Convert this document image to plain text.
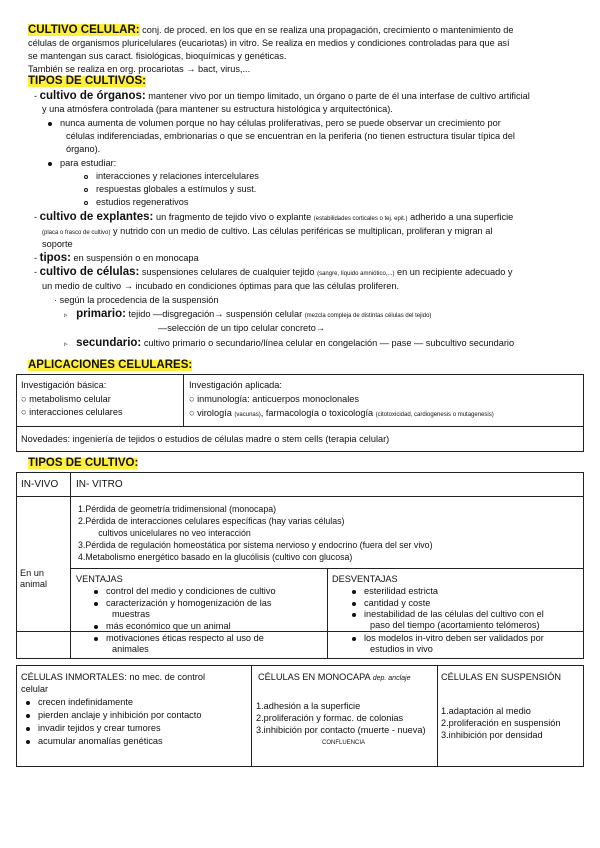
CULTIVO CELULAR: conj. de proced. en los que en se realiza una propagación, crecimiento o mantenimiento de
células de organismos pluricelulares (eucariotas) in vitro. Se realiza en medios y condiciones controladas para que así
se mantengan sus caract. fisiológicas, bioquímicas y genéticas.
También se realiza en org. procariotas → bact, virus,...
TIPOS DE CULTIVOS:
- cultivo de órganos: mantener vivo por un tiempo limitado, un órgano o parte de él una interfase de cultivo artificial
y una atmósfera controlada (para mantener su estructura histológica y arquitectónica).
nunca aumenta de volumen porque no hay células proliferativas, pero se puede observar un crecimiento por
células indiferenciadas, embrionarias o que se encuentran en la periferia (no tienen estructura tisular típica del
órgano).
para estudiar:
interacciones y relaciones intercelulares
respuestas globales a estímulos y sust.
estudios regenerativos
- cultivo de explantes: un fragmento de tejido vivo o explante (estabilidades corticales o tej. epit.) adherido a una superficie
(placa o frasco de cultivo) y nutrido con un medio de cultivo. Las células periféricas se multiplican, proliferan y migran al
soporte
- tipos: en suspensión o en monocapa
- cultivo de células: suspensiones celulares de cualquier tejido (sangre, líquido amniótico,...) en un recipiente adecuado y
un medio de cultivo → incubado en condiciones óptimas para que las células proliferen.
· según la procedencia de la suspensión
▹ primario: tejido —disgregación→ suspensión celular (mezcla compleja de distintas células del tejido)
—selección de un tipo celular concreto→
▹ secundario: cultivo primario o secundario/línea celular en congelación — pase — subcultivo secundario
APLICACIONES CELULARES:
Investigación básica:
○ metabolismo celular
○ interacciones celulares
Investigación aplicada:
○ inmunología: anticuerpos monoclonales
○ virología (vacunas), farmacología o toxicología (citotoxicidad, cardiogenesis o mutagenesis)
Novedades: ingeniería de tejidos o estudios de células madre o stem cells (terapia celular)
TIPOS DE CULTIVO:
IN-VIVO IN- VITRO
En un
animal
1.Pérdida de geometría tridimensional (monocapa)
2.Pérdida de interacciones celulares específicas (hay varias células)
cultivos unicelulares no veo interacción
3.Pérdida de regulación homeostática por sistema nervioso y endocrino (fuera del ser vivo)
4.Metabolismo energético basado en la glucólisis (cultivo con glucosa)
VENTAJAS
control del medio y condiciones de cultivo
caracterización y homogenización de las
muestras
más económico que un animal
DESVENTAJAS
esterilidad estricta
cantidad y coste
inestabilidad de las células del cultivo con el
paso del tiempo (acortamiento telómeros)
motivaciones éticas respecto al uso de
animales
los modelos in-vitro deben ser validados por
estudios in vivo
CÉLULAS INMORTALES: no mec. de control
celular
crecen indefinidamente
pierden anclaje y inhibición por contacto
invadir tejidos y crear tumores
acumular anomalías genéticas
CÉLULAS EN MONOCAPA dep. anclaje
1.adhesión a la superficie
2.proliferación y formac. de colonias
3.inhibición por contacto (muerte - nueva)
CONFLUENCIA
CÉLULAS EN SUSPENSIÓN
1.adaptación al medio
2.proliferación en suspensión
3.inhibición por densidad
